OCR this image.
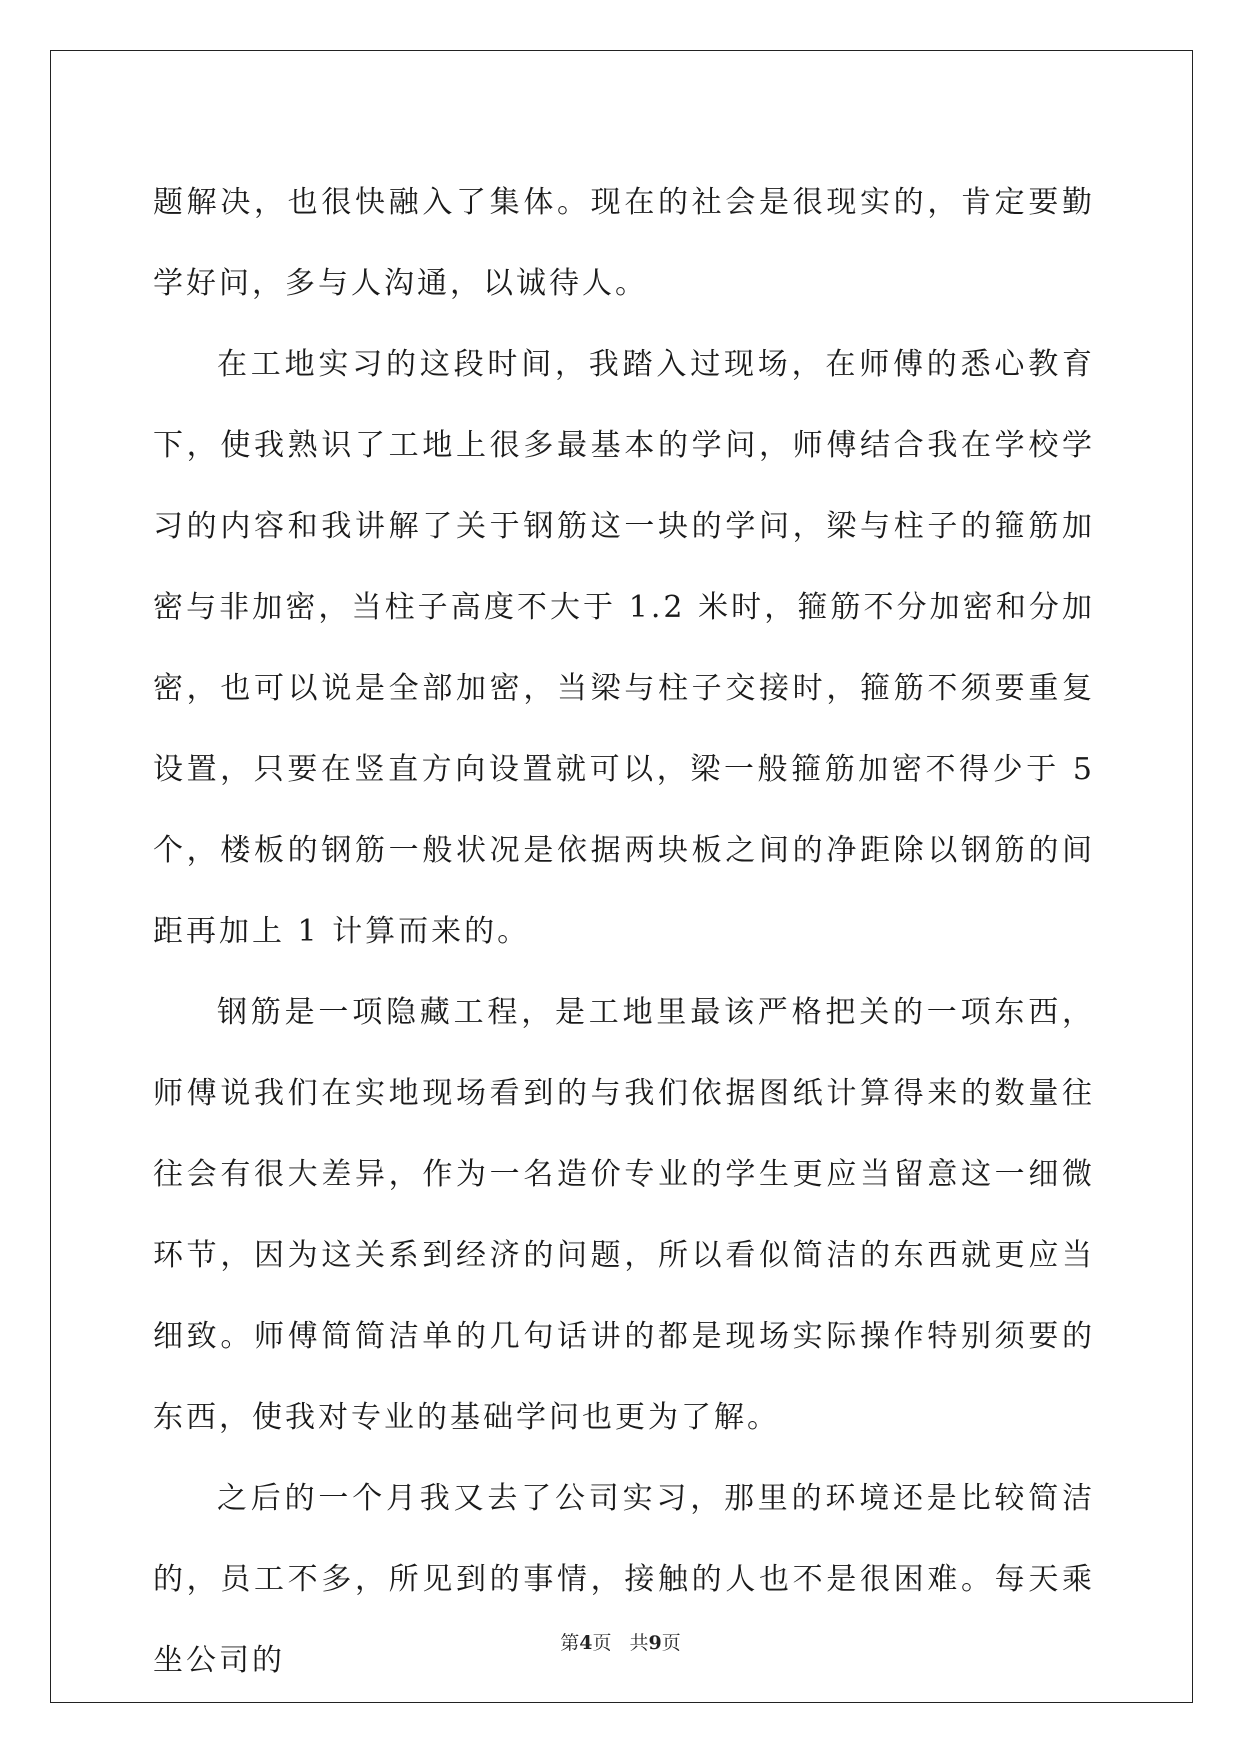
题解决，也很快融入了集体。现在的社会是很现实的，肯定要勤学好问，多与人沟通，以诚待人。

在工地实习的这段时间，我踏入过现场，在师傅的悉心教育下，使我熟识了工地上很多最基本的学问，师傅结合我在学校学习的内容和我讲解了关于钢筋这一块的学问，梁与柱子的箍筋加密与非加密，当柱子高度不大于 1.2 米时，箍筋不分加密和分加密，也可以说是全部加密，当梁与柱子交接时，箍筋不须要重复设置，只要在竖直方向设置就可以，梁一般箍筋加密不得少于 5 个，楼板的钢筋一般状况是依据两块板之间的净距除以钢筋的间距再加上 1 计算而来的。

钢筋是一项隐藏工程，是工地里最该严格把关的一项东西，师傅说我们在实地现场看到的与我们依据图纸计算得来的数量往往会有很大差异，作为一名造价专业的学生更应当留意这一细微环节，因为这关系到经济的问题，所以看似简洁的东西就更应当细致。师傅简简洁单的几句话讲的都是现场实际操作特别须要的东西，使我对专业的基础学问也更为了解。

之后的一个月我又去了公司实习，那里的环境还是比较简洁的，员工不多，所见到的事情，接触的人也不是很困难。每天乘坐公司的	第4页 共9页
